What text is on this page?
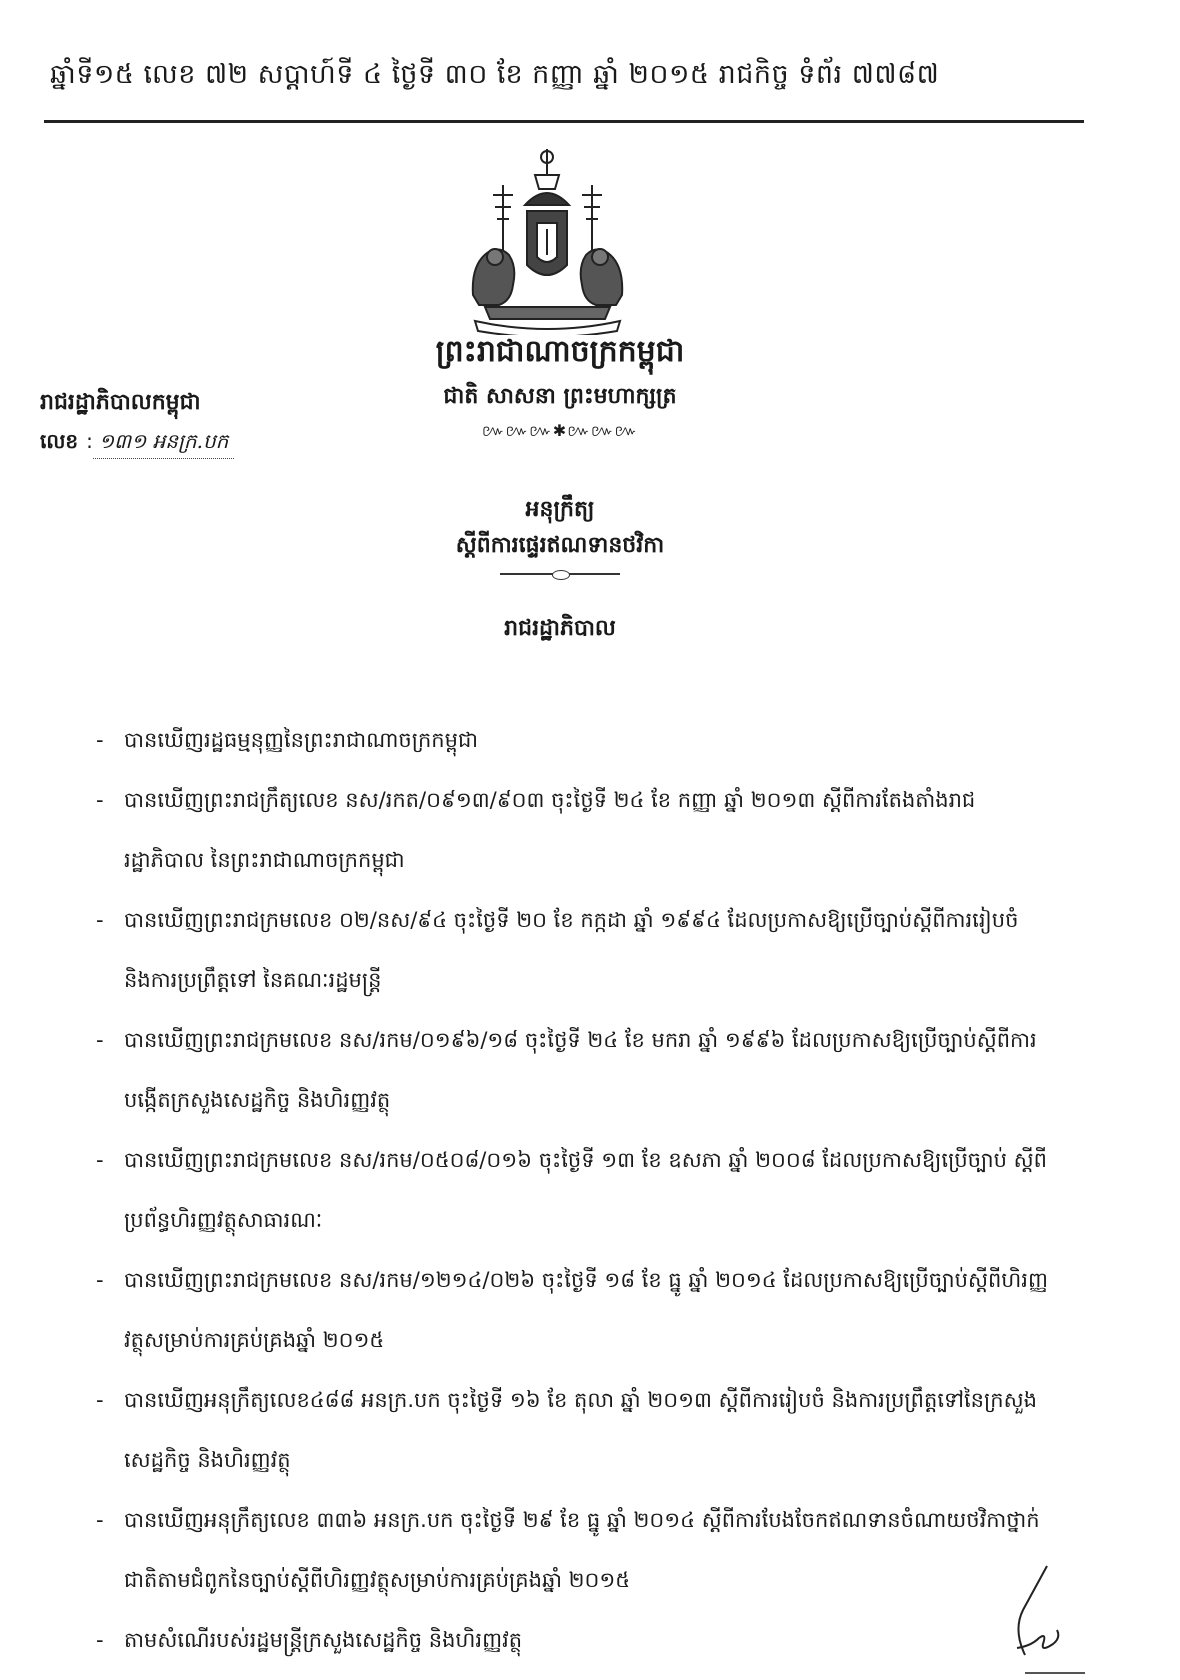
ឆ្នាំទី១៥ លេខ ៧២ សប្តាហ៍ទី ៤ ថ្ងៃទី ៣០ ខែ កញ្ញា ឆ្នាំ ២០១៥ រាជកិច្ច ទំព័រ ៧៧៨៧
ព្រះរាជាណាចក្រកម្ពុជា
ជាតិ សាសនា ព្រះមហាក្សត្រ
៚៚៚✱៚៚៚
រាជរដ្ឋាភិបាលកម្ពុជា
លេខ : ១៣១ អនក្រ.បក
អនុក្រឹត្យ
ស្តីពីការផ្ទេរឥណទានថវិកា
រាជរដ្ឋាភិបាល
- បានឃើញរដ្ឋធម្មនុញ្ញនៃព្រះរាជាណាចក្រកម្ពុជា
- បានឃើញព្រះរាជក្រឹត្យលេខ នស/រកត/០៩១៣/៩០៣ ចុះថ្ងៃទី ២៤ ខែ កញ្ញា ឆ្នាំ ២០១៣ ស្តីពីការតែងតាំងរាជរដ្ឋាភិបាល នៃព្រះរាជាណាចក្រកម្ពុជា
- បានឃើញព្រះរាជក្រមលេខ ០២/នស/៩៤ ចុះថ្ងៃទី ២០ ខែ កក្កដា ឆ្នាំ ១៩៩៤ ដែលប្រកាសឱ្យប្រើច្បាប់ស្តីពីការរៀបចំ និងការប្រព្រឹត្តទៅ នៃគណៈរដ្ឋមន្ត្រី
- បានឃើញព្រះរាជក្រមលេខ នស/រកម/០១៩៦/១៨ ចុះថ្ងៃទី ២៤ ខែ មករា ឆ្នាំ ១៩៩៦ ដែលប្រកាសឱ្យប្រើច្បាប់ស្តីពីការបង្កើតក្រសួងសេដ្ឋកិច្ច និងហិរញ្ញវត្ថុ
- បានឃើញព្រះរាជក្រមលេខ នស/រកម/០៥០៨/០១៦ ចុះថ្ងៃទី ១៣ ខែ ឧសភា ឆ្នាំ ២០០៨ ដែលប្រកាសឱ្យប្រើច្បាប់ ស្តីពីប្រព័ន្ធហិរញ្ញវត្ថុសាធារណៈ
- បានឃើញព្រះរាជក្រមលេខ នស/រកម/១២១៤/០២៦ ចុះថ្ងៃទី ១៨ ខែ ធ្នូ ឆ្នាំ ២០១៤ ដែលប្រកាសឱ្យប្រើច្បាប់ស្តីពីហិរញ្ញវត្ថុសម្រាប់ការគ្រប់គ្រងឆ្នាំ ២០១៥
- បានឃើញអនុក្រឹត្យលេខ៤៨៨ អនក្រ.បក ចុះថ្ងៃទី ១៦ ខែ តុលា ឆ្នាំ ២០១៣ ស្តីពីការរៀបចំ និងការប្រព្រឹត្តទៅនៃក្រសួងសេដ្ឋកិច្ច និងហិរញ្ញវត្ថុ
- បានឃើញអនុក្រឹត្យលេខ ៣៣៦ អនក្រ.បក ចុះថ្ងៃទី ២៩ ខែ ធ្នូ ឆ្នាំ ២០១៤ ស្តីពីការបែងចែកឥណទានចំណាយថវិកាថ្នាក់ជាតិតាមជំពូកនៃច្បាប់ស្តីពីហិរញ្ញវត្ថុសម្រាប់ការគ្រប់គ្រងឆ្នាំ ២០១៥
- តាមសំណើរបស់រដ្ឋមន្ត្រីក្រសួងសេដ្ឋកិច្ច និងហិរញ្ញវត្ថុ
